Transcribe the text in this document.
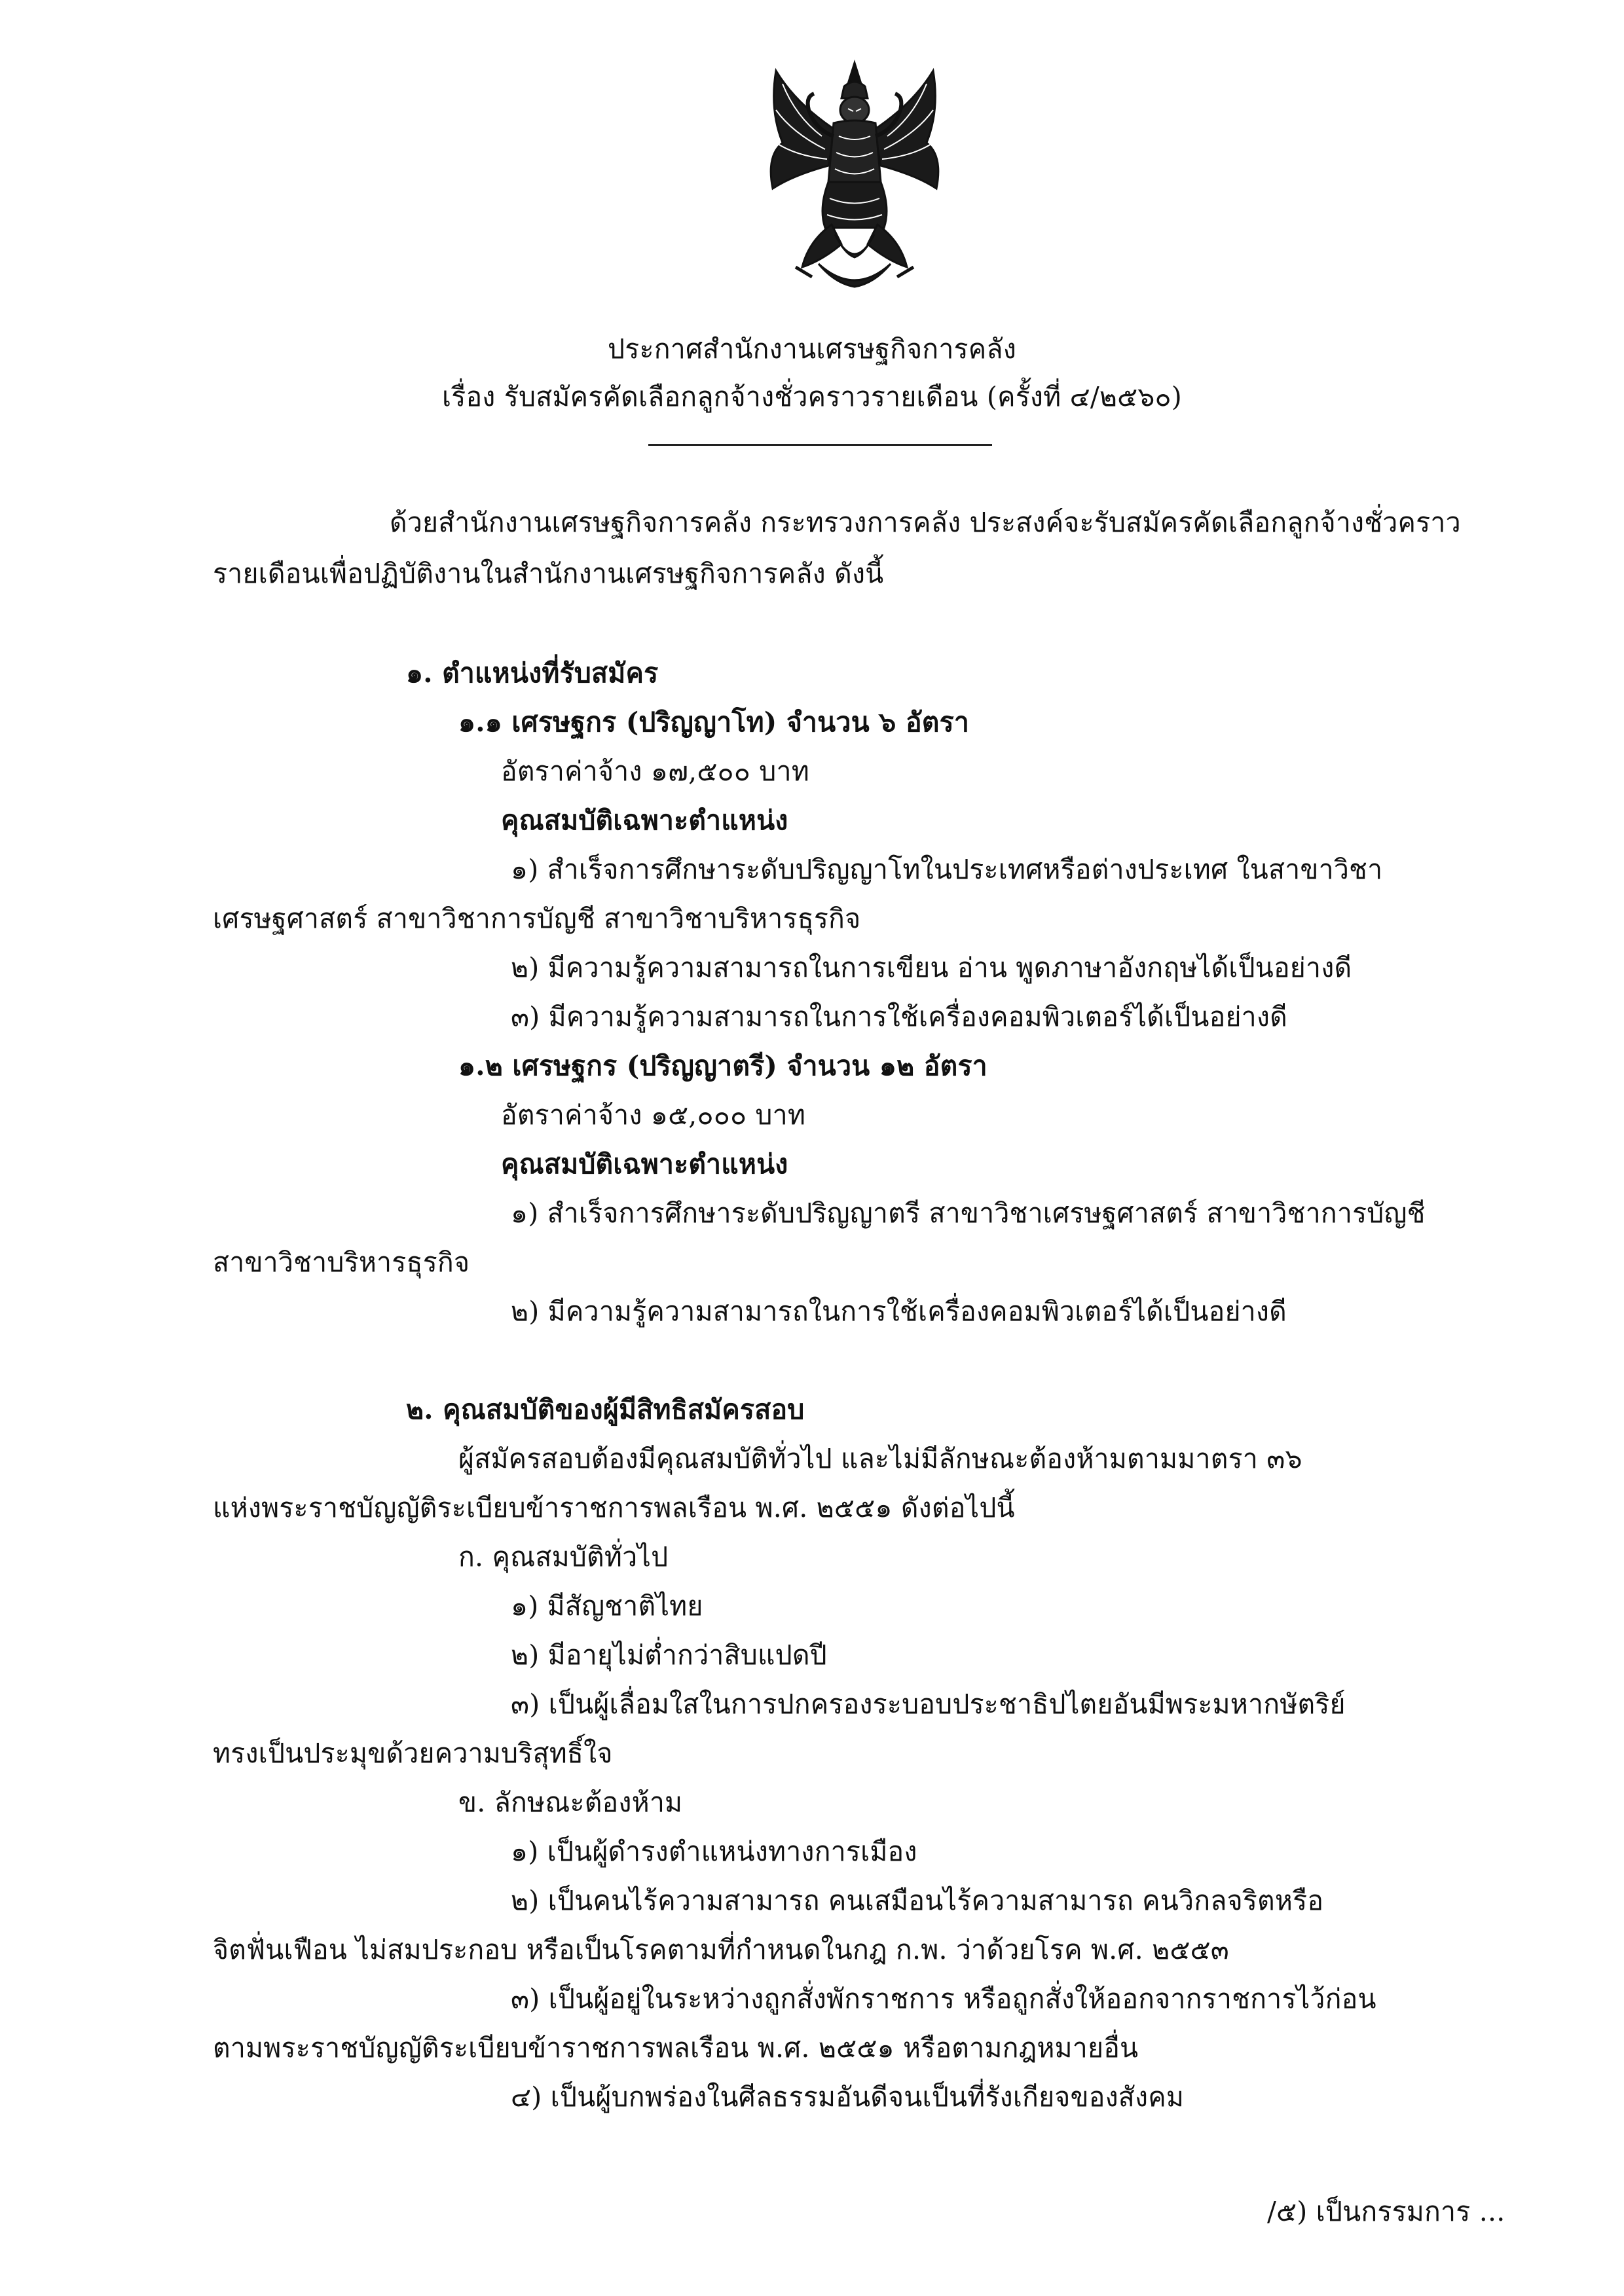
ประกาศสำนักงานเศรษฐกิจการคลัง
เรื่อง รับสมัครคัดเลือกลูกจ้างชั่วคราวรายเดือน (ครั้งที่ ๔/๒๕๖๐)
ด้วยสำนักงานเศรษฐกิจการคลัง กระทรวงการคลัง ประสงค์จะรับสมัครคัดเลือกลูกจ้างชั่วคราว
รายเดือนเพื่อปฏิบัติงานในสำนักงานเศรษฐกิจการคลัง ดังนี้
๑. ตำแหน่งที่รับสมัคร
๑.๑ เศรษฐกร (ปริญญาโท) จำนวน ๖ อัตรา
อัตราค่าจ้าง ๑๗,๕๐๐ บาท
คุณสมบัติเฉพาะตำแหน่ง
๑) สำเร็จการศึกษาระดับปริญญาโทในประเทศหรือต่างประเทศ ในสาขาวิชา
เศรษฐศาสตร์ สาขาวิชาการบัญชี สาขาวิชาบริหารธุรกิจ
๒) มีความรู้ความสามารถในการเขียน อ่าน พูดภาษาอังกฤษได้เป็นอย่างดี
๓) มีความรู้ความสามารถในการใช้เครื่องคอมพิวเตอร์ได้เป็นอย่างดี
๑.๒ เศรษฐกร (ปริญญาตรี) จำนวน ๑๒ อัตรา
อัตราค่าจ้าง ๑๕,๐๐๐ บาท
คุณสมบัติเฉพาะตำแหน่ง
๑) สำเร็จการศึกษาระดับปริญญาตรี สาขาวิชาเศรษฐศาสตร์ สาขาวิชาการบัญชี
สาขาวิชาบริหารธุรกิจ
๒) มีความรู้ความสามารถในการใช้เครื่องคอมพิวเตอร์ได้เป็นอย่างดี
๒. คุณสมบัติของผู้มีสิทธิสมัครสอบ
ผู้สมัครสอบต้องมีคุณสมบัติทั่วไป และไม่มีลักษณะต้องห้ามตามมาตรา ๓๖
แห่งพระราชบัญญัติระเบียบข้าราชการพลเรือน พ.ศ. ๒๕๕๑ ดังต่อไปนี้
ก. คุณสมบัติทั่วไป
๑) มีสัญชาติไทย
๒) มีอายุไม่ต่ำกว่าสิบแปดปี
๓) เป็นผู้เลื่อมใสในการปกครองระบอบประชาธิปไตยอันมีพระมหากษัตริย์
ทรงเป็นประมุขด้วยความบริสุทธิ์ใจ
ข. ลักษณะต้องห้าม
๑) เป็นผู้ดำรงตำแหน่งทางการเมือง
๒) เป็นคนไร้ความสามารถ คนเสมือนไร้ความสามารถ คนวิกลจริตหรือ
จิตฟั่นเฟือน ไม่สมประกอบ หรือเป็นโรคตามที่กำหนดในกฎ ก.พ. ว่าด้วยโรค พ.ศ. ๒๕๕๓
๓) เป็นผู้อยู่ในระหว่างถูกสั่งพักราชการ หรือถูกสั่งให้ออกจากราชการไว้ก่อน
ตามพระราชบัญญัติระเบียบข้าราชการพลเรือน พ.ศ. ๒๕๕๑ หรือตามกฎหมายอื่น
๔) เป็นผู้บกพร่องในศีลธรรมอันดีจนเป็นที่รังเกียจของสังคม
/๕) เป็นกรรมการ ...
